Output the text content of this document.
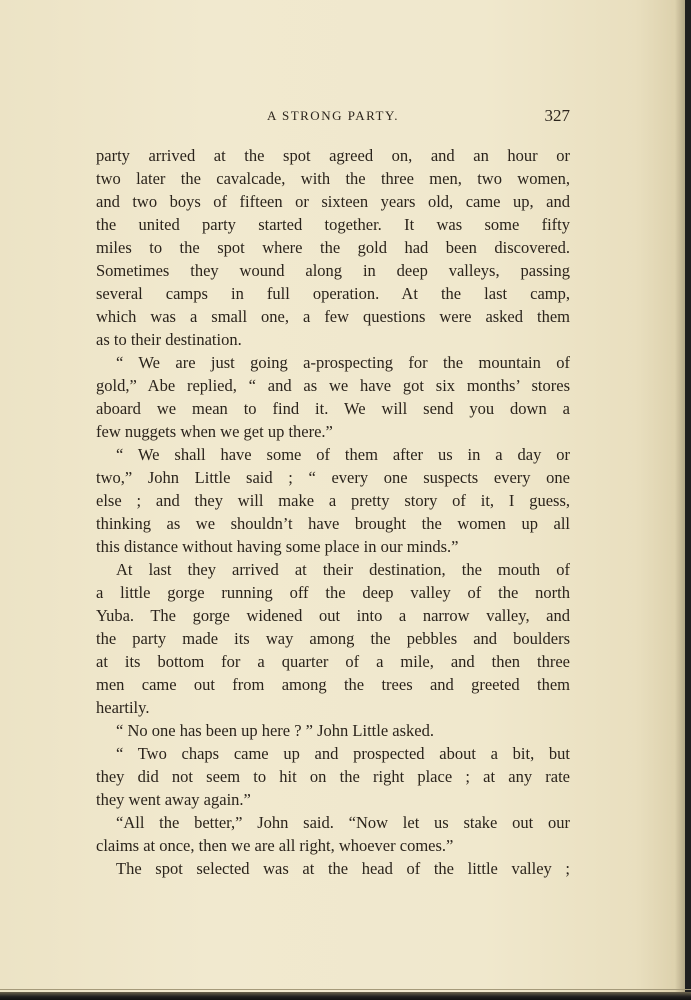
A STRONG PARTY.	327
party arrived at the spot agreed on, and an hour or
two later the cavalcade, with the three men, two women,
and two boys of fifteen or sixteen years old, came up, and
the united party started together. It was some fifty
miles to the spot where the gold had been discovered.
Sometimes they wound along in deep valleys, passing
several camps in full operation. At the last camp,
which was a small one, a few questions were asked them
as to their destination.
“ We are just going a-prospecting for the mountain of
gold,” Abe replied, “ and as we have got six months’ stores
aboard we mean to find it. We will send you down a
few nuggets when we get up there.”
“ We shall have some of them after us in a day or
two,” John Little said ; “ every one suspects every one
else ; and they will make a pretty story of it, I guess,
thinking as we shouldn’t have brought the women up all
this distance without having some place in our minds.”
At last they arrived at their destination, the mouth of
a little gorge running off the deep valley of the north
Yuba. The gorge widened out into a narrow valley, and
the party made its way among the pebbles and boulders
at its bottom for a quarter of a mile, and then three
men came out from among the trees and greeted them
heartily.
“ No one has been up here ? ” John Little asked.
“ Two chaps came up and prospected about a bit, but
they did not seem to hit on the right place ; at any rate
they went away again.”
“All the better,” John said. “Now let us stake out our
claims at once, then we are all right, whoever comes.”
The spot selected was at the head of the little valley ;
